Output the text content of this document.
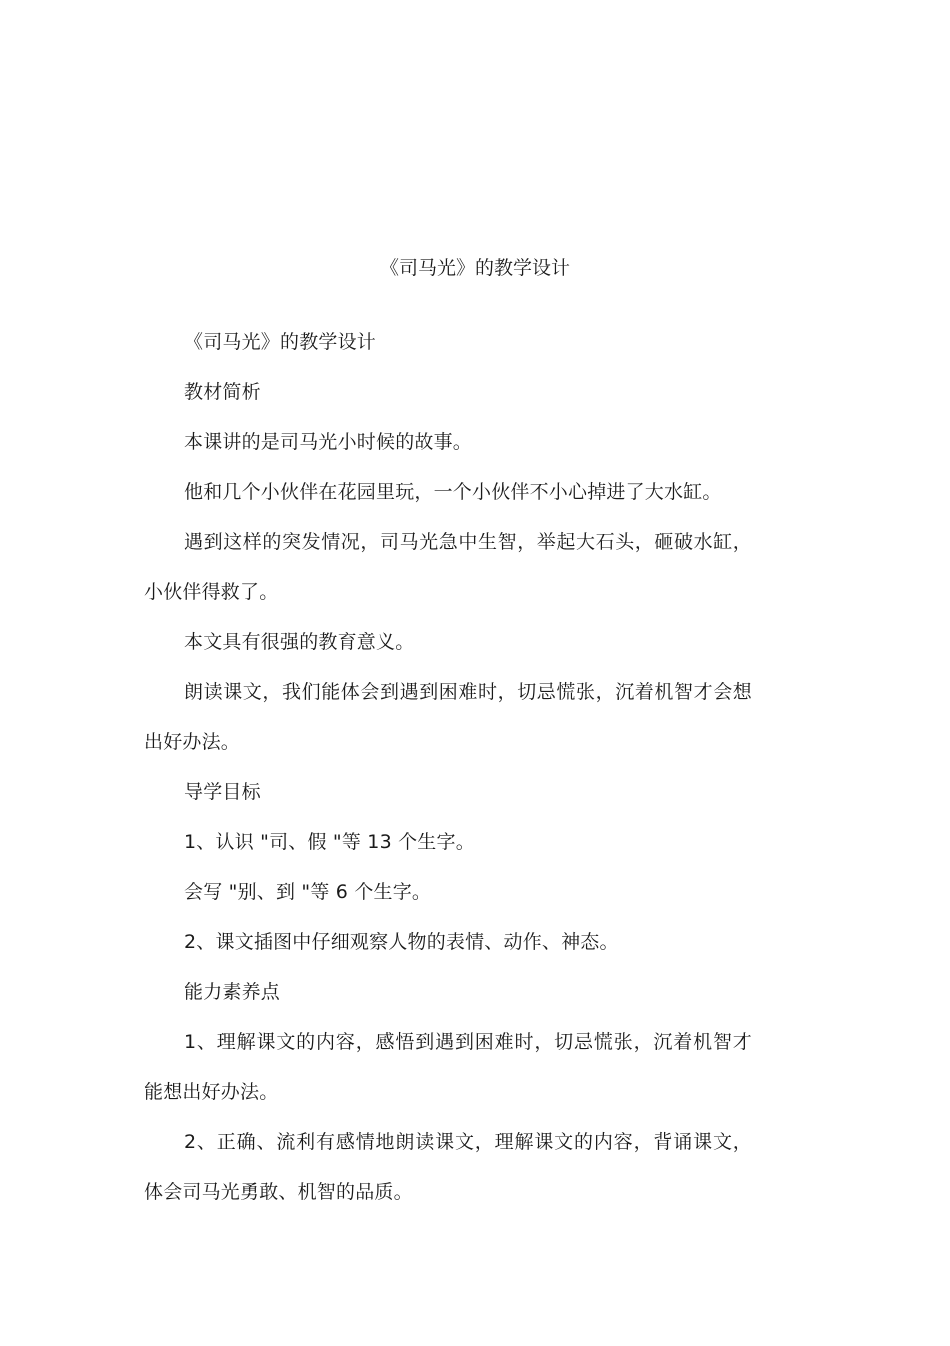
《司马光》的教学设计

《司马光》的教学设计

教材简析

本课讲的是司马光小时候的故事。

他和几个小伙伴在花园里玩，一个小伙伴不小心掉进了大水缸。

遇到这样的突发情况，司马光急中生智，举起大石头，砸破水缸，小伙伴得救了。

本文具有很强的教育意义。

朗读课文，我们能体会到遇到困难时，切忌慌张，沉着机智才会想出好办法。

导学目标

1、认识 "司、假 "等 13 个生字。

会写 "别、到 "等 6 个生字。

2、课文插图中仔细观察人物的表情、动作、神态。

能力素养点

1、理解课文的内容，感悟到遇到困难时，切忌慌张，沉着机智才能想出好办法。

2、正确、流利有感情地朗读课文，理解课文的内容，背诵课文，体会司马光勇敢、机智的品质。
